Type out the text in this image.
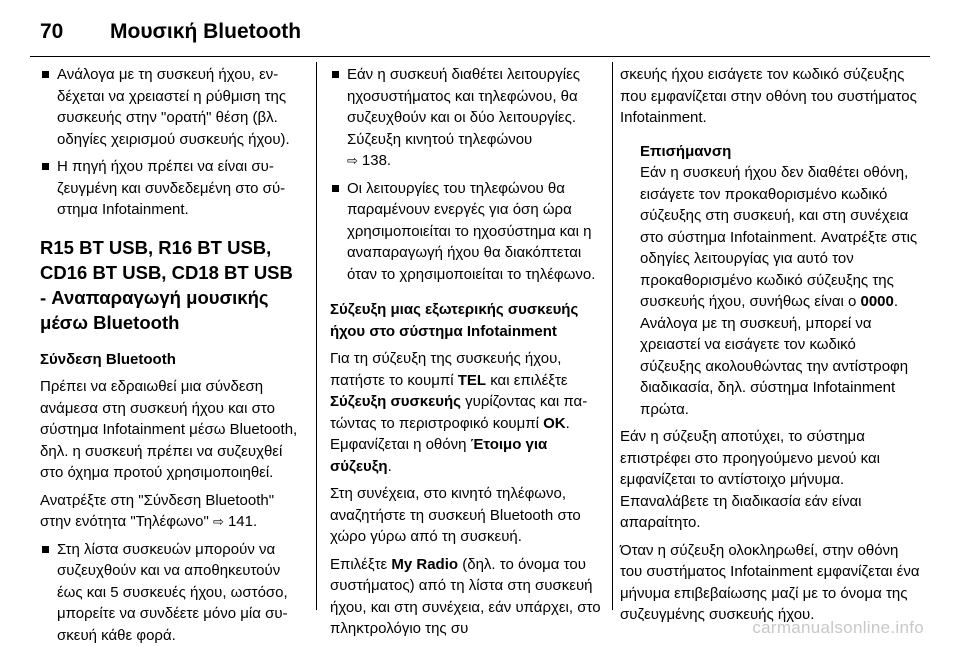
70 Μουσική Bluetooth
Ανάλογα με τη συσκευή ήχου, ενδέχεται να χρειαστεί η ρύθμιση της συσκευής στην "ορατή" θέση (βλ. οδηγίες χειρισμού συσκευής ήχου).
Η πηγή ήχου πρέπει να είναι συζευγμένη και συνδεδεμένη στο σύστημα Infotainment.
R15 BT USB, R16 BT USB, CD16 BT USB, CD18 BT USB - Αναπαραγωγή μουσικής μέσω Bluetooth

Σύνδεση Bluetooth

Πρέπει να εδραιωθεί μια σύνδεση ανάμεσα στη συσκευή ήχου και στο σύστημα Infotainment μέσω Bluetooth, δηλ. η συσκευή πρέπει να συζευχθεί στο όχημα προτού χρησιμοποιηθεί.

Ανατρέξτε στη "Σύνδεση Bluetooth" στην ενότητα "Τηλέφωνο" ⇨ 141.

Στη λίστα συσκευών μπορούν να συζευχθούν και να αποθηκευτούν έως και 5 συσκευές ήχου, ωστόσο, μπορείτε να συνδέετε μόνο μία συσκευή κάθε φορά.
Εάν η συσκευή διαθέτει λειτουργίες ηχοσυστήματος και τηλεφώνου, θα συζευχθούν και οι δύο λειτουργίες. Σύζευξη κινητού τηλεφώνου
⇨ 138.
Οι λειτουργίες του τηλεφώνου θα παραμένουν ενεργές για όση ώρα χρησιμοποιείται το ηχοσύστημα και η αναπαραγωγή ήχου θα διακόπτεται όταν το χρησιμοποιείται το τηλέφωνο.

Σύζευξη μιας εξωτερικής συσκευής ήχου στο σύστημα Infotainment

Για τη σύζευξη της συσκευής ήχου, πατήστε το κουμπί TEL και επιλέξτε Σύζευξη συσκευής γυρίζοντας και πατώντας το περιστροφικό κουμπί OK. Εμφανίζεται η οθόνη Έτοιμο για σύζευξη.

Στη συνέχεια, στο κινητό τηλέφωνο, αναζητήστε τη συσκευή Bluetooth στο χώρο γύρω από τη συσκευή.

Επιλέξτε My Radio (δηλ. το όνομα του συστήματος) από τη λίστα στη συσκευή ήχου, και στη συνέχεια, εάν υπάρχει, στο πληκτρολόγιο της συ

σκευής ήχου εισάγετε τον κωδικό σύζευξης που εμφανίζεται στην οθόνη του συστήματος Infotainment.

Επισήμανση
Εάν η συσκευή ήχου δεν διαθέτει οθόνη, εισάγετε τον προκαθορισμένο κωδικό σύζευξης στη συσκευή, και στη συνέχεια στο σύστημα Infotainment. Ανατρέξτε στις οδηγίες λειτουργίας για αυτό τον προκαθορισμένο κωδικό σύζευξης της συσκευής ήχου, συνήθως είναι ο 0000. Ανάλογα με τη συσκευή, μπορεί να χρειαστεί να εισάγετε τον κωδικό σύζευξης ακολουθώντας την αντίστροφη διαδικασία, δηλ. σύστημα Infotainment πρώτα.

Εάν η σύζευξη αποτύχει, το σύστημα επιστρέφει στο προηγούμενο μενού και εμφανίζεται το αντίστοιχο μήνυμα. Επαναλάβετε τη διαδικασία εάν είναι απαραίτητο.

Όταν η σύζευξη ολοκληρωθεί, στην οθόνη του συστήματος Infotainment εμφανίζεται ένα μήνυμα επιβεβαίωσης μαζί με το όνομα της συζευγμένης συσκευής ήχου.

carmanualsonline.info
